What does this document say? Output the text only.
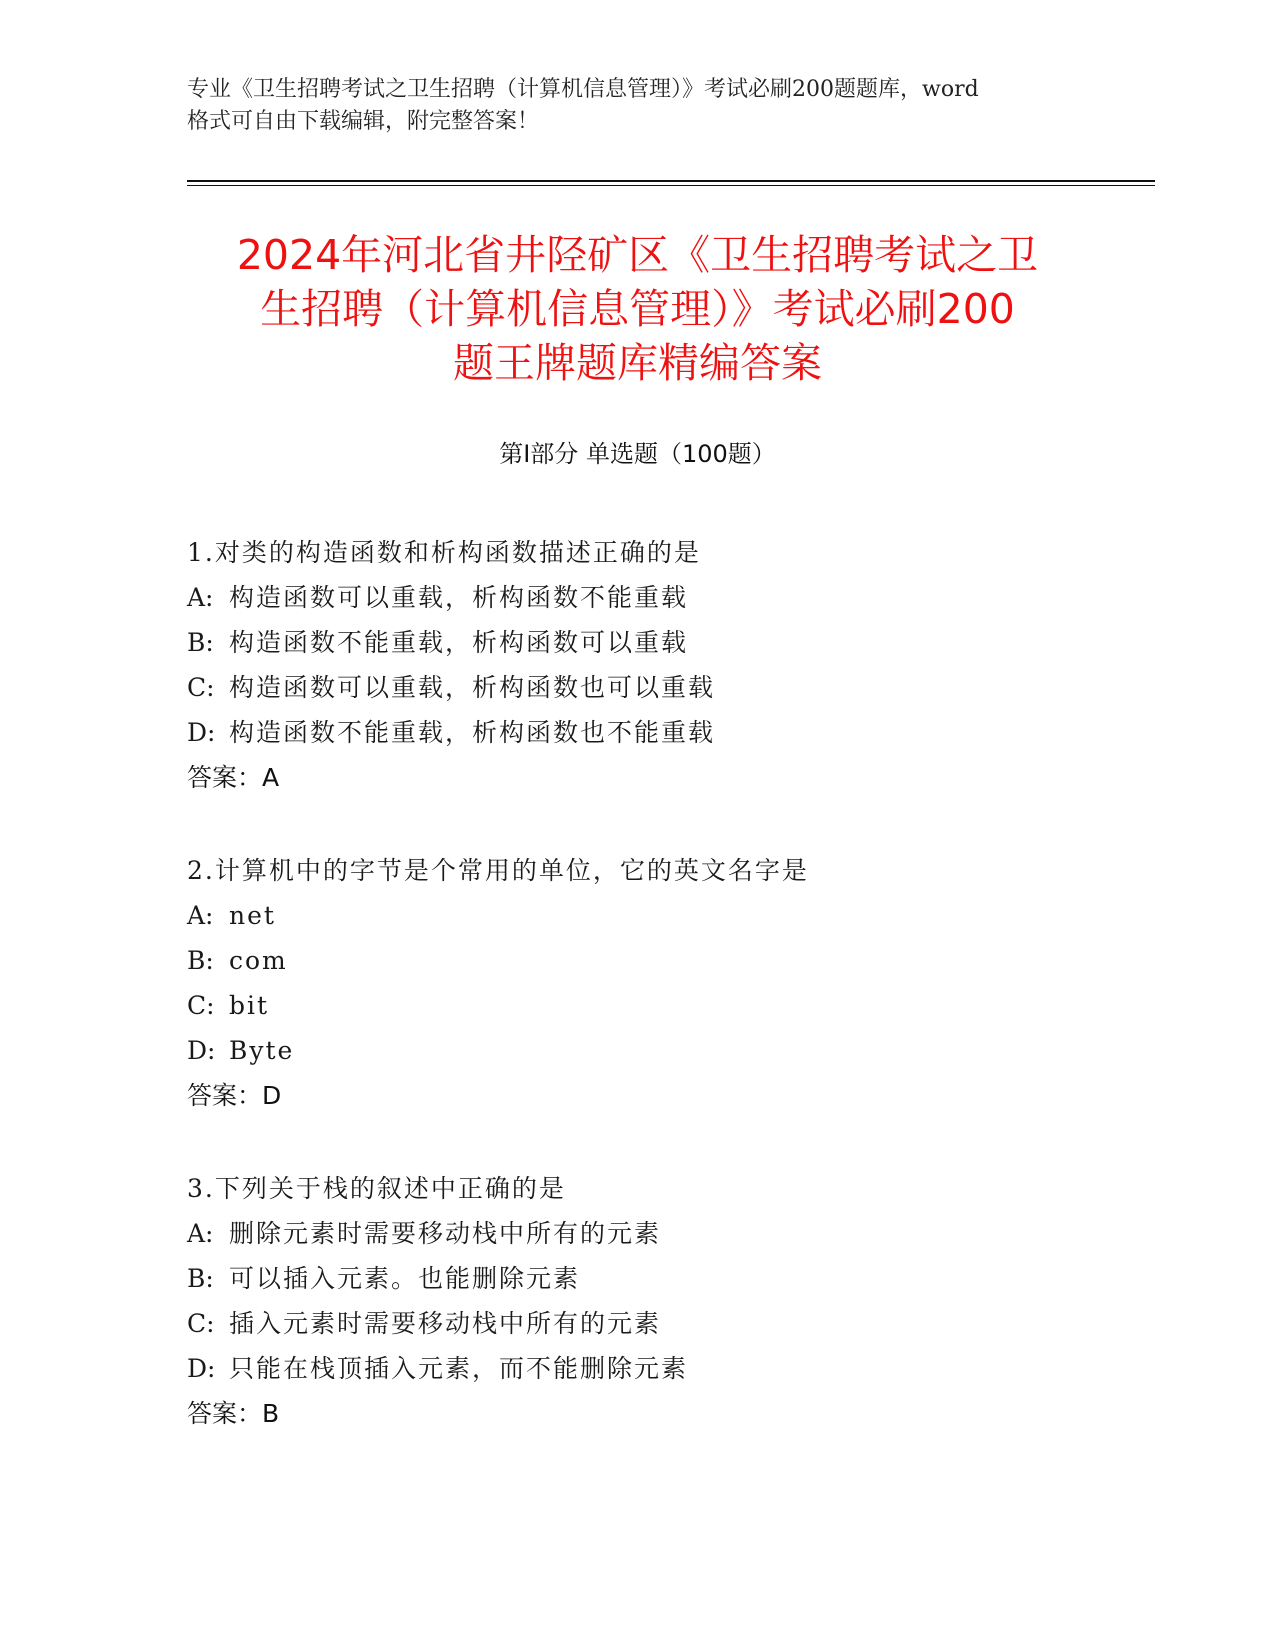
专业《卫生招聘考试之卫生招聘（计算机信息管理）》考试必刷200题题库，word
格式可自由下载编辑，附完整答案！
2024年河北省井陉矿区《卫生招聘考试之卫
生招聘（计算机信息管理）》考试必刷200
题王牌题库精编答案
第Ⅰ部分 单选题（100题）
1.对类的构造函数和析构函数描述正确的是
A: 构造函数可以重载，析构函数不能重载
B: 构造函数不能重载，析构函数可以重载
C: 构造函数可以重载，析构函数也可以重载
D: 构造函数不能重载，析构函数也不能重载
答案：A
2.计算机中的字节是个常用的单位，它的英文名字是
A: net
B: com
C: bit
D: Byte
答案：D
3.下列关于栈的叙述中正确的是
A: 删除元素时需要移动栈中所有的元素
B: 可以插入元素。也能删除元素
C: 插入元素时需要移动栈中所有的元素
D: 只能在栈顶插入元素，而不能删除元素
答案：B
